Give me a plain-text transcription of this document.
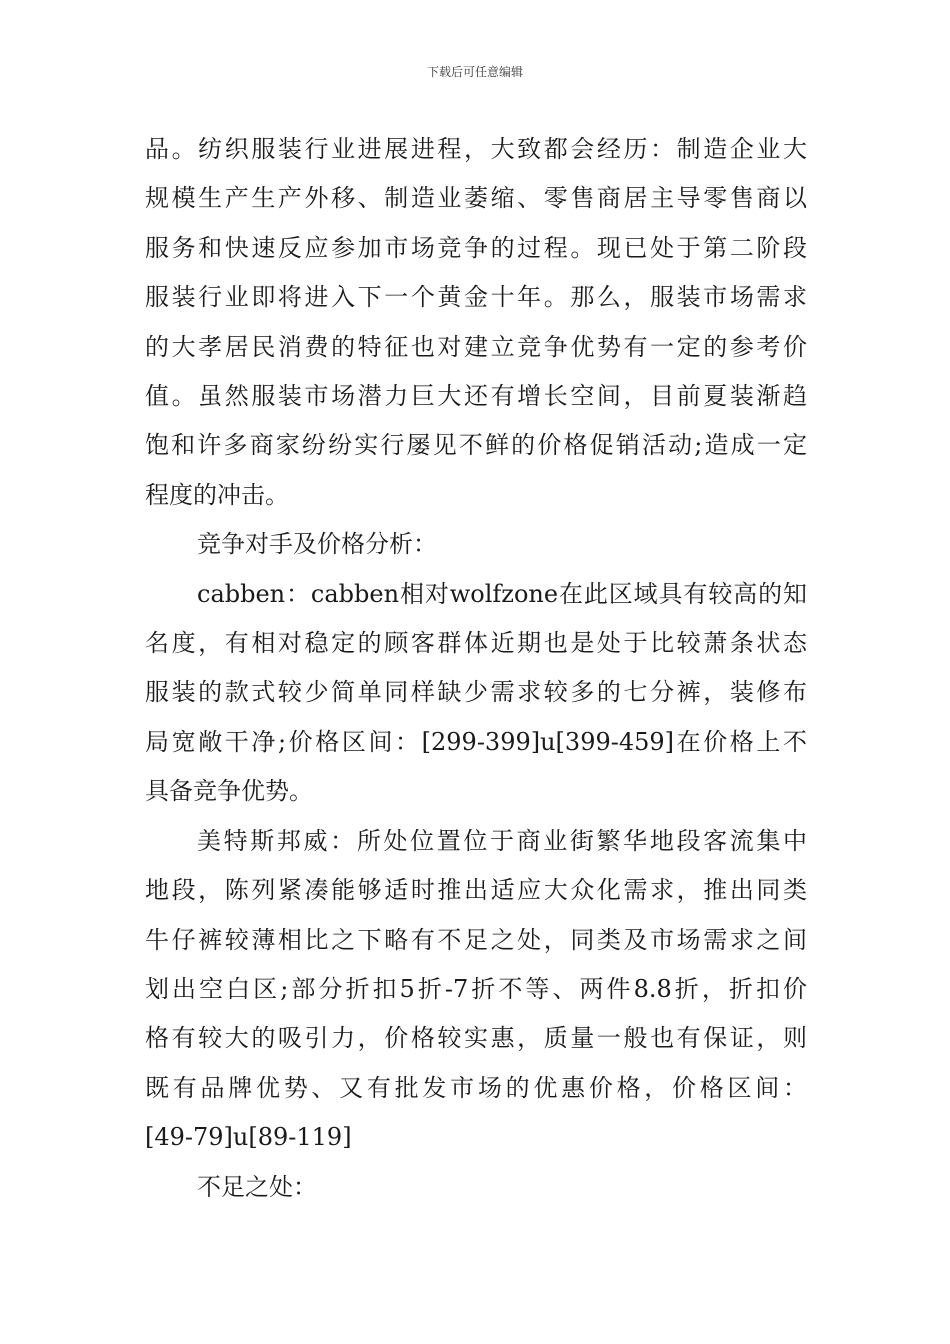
下载后可任意编辑

品。纺织服装行业进展进程，大致都会经历：制造企业大
规模生产生产外移、制造业萎缩、零售商居主导零售商以
服务和快速反应参加市场竞争的过程。现已处于第二阶段
服装行业即将进入下一个黄金十年。那么，服装市场需求
的大孝居民消费的特征也对建立竞争优势有一定的参考价
值。虽然服装市场潜力巨大还有增长空间，目前夏装渐趋
饱和许多商家纷纷实行屡见不鲜的价格促销活动;造成一定
程度的冲击。

竞争对手及价格分析：

cabben：cabben相对wolfzone在此区域具有较高的知
名度，有相对稳定的顾客群体近期也是处于比较萧条状态
服装的款式较少简单同样缺少需求较多的七分裤，装修布
局宽敞干净;价格区间：[299-399]u[399-459]在价格上不
具备竞争优势。

美特斯邦威：所处位置位于商业街繁华地段客流集中
地段，陈列紧凑能够适时推出适应大众化需求，推出同类
牛仔裤较薄相比之下略有不足之处，同类及市场需求之间
划出空白区;部分折扣5折-7折不等、两件8.8折，折扣价
格有较大的吸引力，价格较实惠，质量一般也有保证，则
既有品牌优势、又有批发市场的优惠价格，价格区间：
[49-79]u[89-119]

不足之处：
